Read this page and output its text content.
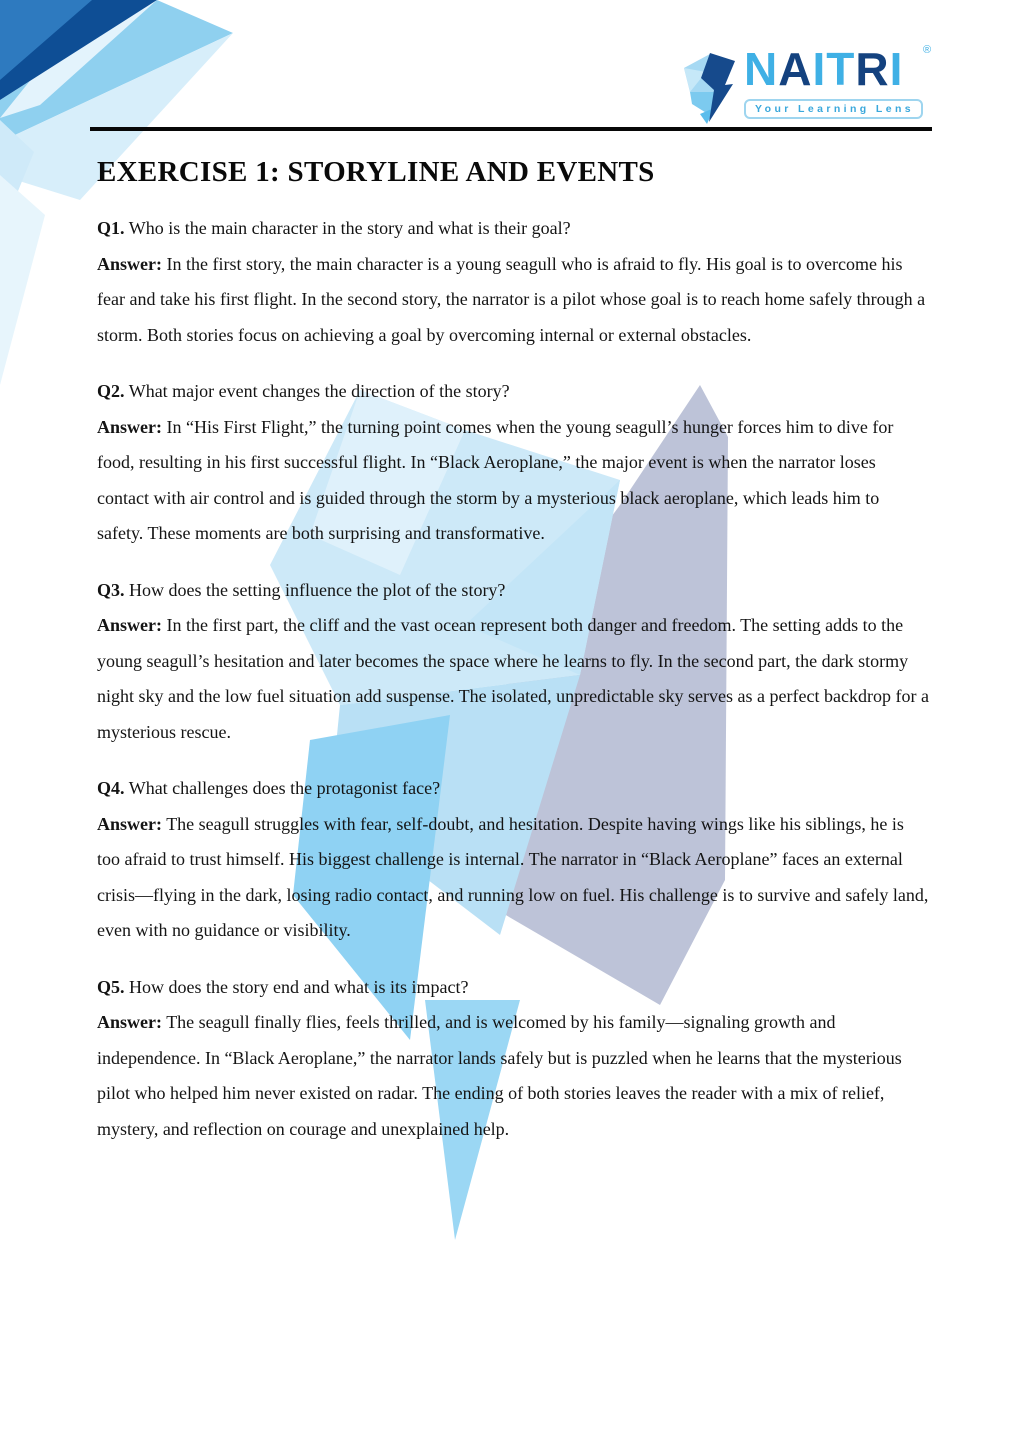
NAITRI ®
Your Learning Lens
EXERCISE 1: STORYLINE AND EVENTS

Q1. Who is the main character in the story and what is their goal?

Answer: In the first story, the main character is a young seagull who is afraid to fly. His goal is to overcome his fear and take his first flight. In the second story, the narrator is a pilot whose goal is to reach home safely through a storm. Both stories focus on achieving a goal by overcoming internal or external obstacles.

Q2. What major event changes the direction of the story?

Answer: In “His First Flight,” the turning point comes when the young seagull’s hunger forces him to dive for food, resulting in his first successful flight. In “Black Aeroplane,” the major event is when the narrator loses contact with air control and is guided through the storm by a mysterious black aeroplane, which leads him to safety. These moments are both surprising and transformative.

Q3. How does the setting influence the plot of the story?

Answer: In the first part, the cliff and the vast ocean represent both danger and freedom. The setting adds to the young seagull’s hesitation and later becomes the space where he learns to fly. In the second part, the dark stormy night sky and the low fuel situation add suspense. The isolated, unpredictable sky serves as a perfect backdrop for a mysterious rescue.

Q4. What challenges does the protagonist face?

Answer: The seagull struggles with fear, self-doubt, and hesitation. Despite having wings like his siblings, he is too afraid to trust himself. His biggest challenge is internal. The narrator in “Black Aeroplane” faces an external crisis—flying in the dark, losing radio contact, and running low on fuel. His challenge is to survive and safely land, even with no guidance or visibility.

Q5. How does the story end and what is its impact?

Answer: The seagull finally flies, feels thrilled, and is welcomed by his family—signaling growth and independence. In “Black Aeroplane,” the narrator lands safely but is puzzled when he learns that the mysterious pilot who helped him never existed on radar. The ending of both stories leaves the reader with a mix of relief, mystery, and reflection on courage and unexplained help.
